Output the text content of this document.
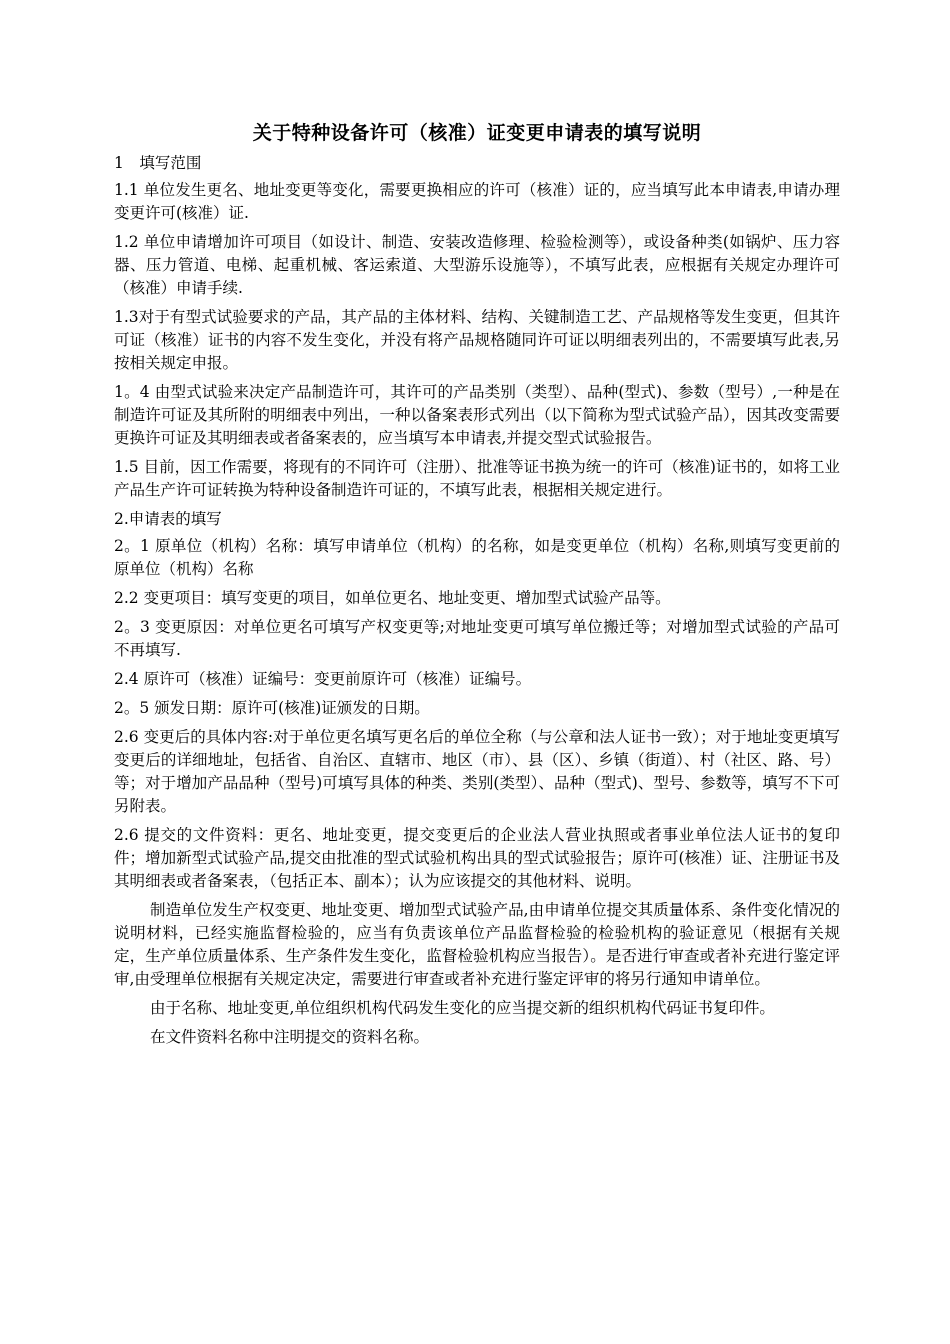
关于特种设备许可（核准）证变更申请表的填写说明

1　填写范围

1.1 单位发生更名、地址变更等变化，需要更换相应的许可（核准）证的，应当填写此本申请表,申请办理变更许可(核准）证.

1.2 单位申请增加许可项目（如设计、制造、安装改造修理、检验检测等），或设备种类(如锅炉、压力容器、压力管道、电梯、起重机械、客运索道、大型游乐设施等），不填写此表，应根据有关规定办理许可（核准）申请手续.

1.3对于有型式试验要求的产品，其产品的主体材料、结构、关键制造工艺、产品规格等发生变更，但其许可证（核准）证书的内容不发生变化，并没有将产品规格随同许可证以明细表列出的，不需要填写此表,另按相关规定申报。

1。4 由型式试验来决定产品制造许可，其许可的产品类别（类型）、品种(型式)、参数（型号）,一种是在制造许可证及其所附的明细表中列出，一种以备案表形式列出（以下简称为型式试验产品），因其改变需要更换许可证及其明细表或者备案表的，应当填写本申请表,并提交型式试验报告。

1.5 目前，因工作需要，将现有的不同许可（注册）、批准等证书换为统一的许可（核准)证书的，如将工业产品生产许可证转换为特种设备制造许可证的，不填写此表，根据相关规定进行。

2.申请表的填写

2。1 原单位（机构）名称：填写申请单位（机构）的名称，如是变更单位（机构）名称,则填写变更前的原单位（机构）名称

2.2 变更项目：填写变更的项目，如单位更名、地址变更、增加型式试验产品等。

2。3 变更原因：对单位更名可填写产权变更等;对地址变更可填写单位搬迁等；对增加型式试验的产品可不再填写.

2.4 原许可（核准）证编号：变更前原许可（核准）证编号。

2。5 颁发日期：原许可(核准)证颁发的日期。

2.6 变更后的具体内容:对于单位更名填写更名后的单位全称（与公章和法人证书一致）；对于地址变更填写变更后的详细地址，包括省、自治区、直辖市、地区（市）、县（区）、乡镇（街道）、村（社区、路、号）等；对于增加产品品种（型号)可填写具体的种类、类别(类型）、品种（型式)、型号、参数等，填写不下可另附表。

2.6 提交的文件资料：更名、地址变更，提交变更后的企业法人营业执照或者事业单位法人证书的复印件；增加新型式试验产品,提交由批准的型式试验机构出具的型式试验报告；原许可(核准）证、注册证书及其明细表或者备案表，（包括正本、副本）；认为应该提交的其他材料、说明。

制造单位发生产权变更、地址变更、增加型式试验产品,由申请单位提交其质量体系、条件变化情况的说明材料，已经实施监督检验的，应当有负责该单位产品监督检验的检验机构的验证意见（根据有关规定，生产单位质量体系、生产条件发生变化，监督检验机构应当报告）。是否进行审查或者补充进行鉴定评审,由受理单位根据有关规定决定，需要进行审查或者补充进行鉴定评审的将另行通知申请单位。

由于名称、地址变更,单位组织机构代码发生变化的应当提交新的组织机构代码证书复印件。

在文件资料名称中注明提交的资料名称。
